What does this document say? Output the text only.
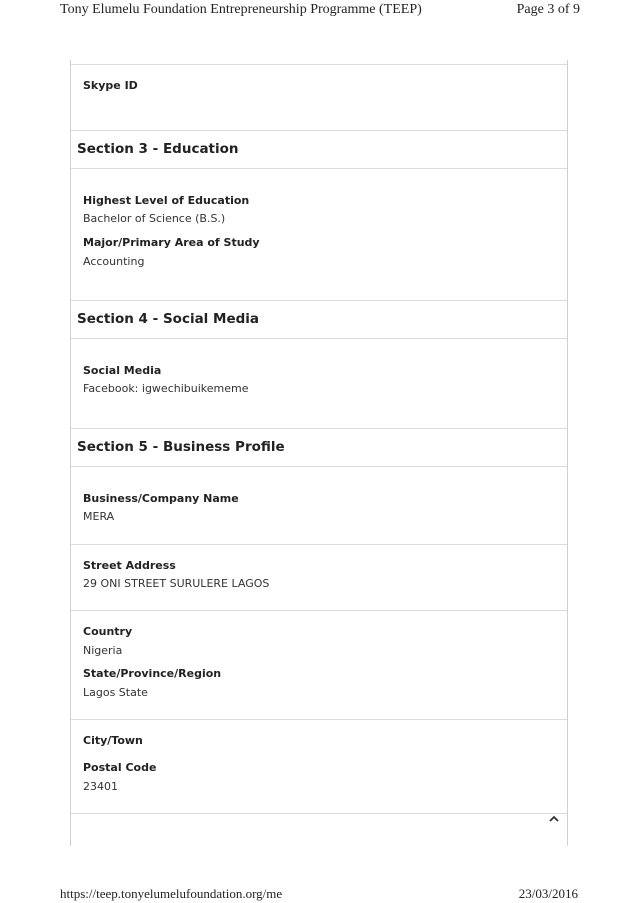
Tony Elumelu Foundation Entrepreneurship Programme (TEEP)	Page 3 of 9
Skype ID
Section 3 - Education
Highest Level of Education
Bachelor of Science (B.S.)
Major/Primary Area of Study
Accounting
Section 4 - Social Media
Social Media
Facebook: igwechibuikememe
Section 5 - Business Profile
Business/Company Name
MERA
Street Address
29 ONI STREET SURULERE LAGOS
Country
Nigeria
State/Province/Region
Lagos State
City/Town
Postal Code
23401
https://teep.tonyelumelufoundation.org/me	23/03/2016
